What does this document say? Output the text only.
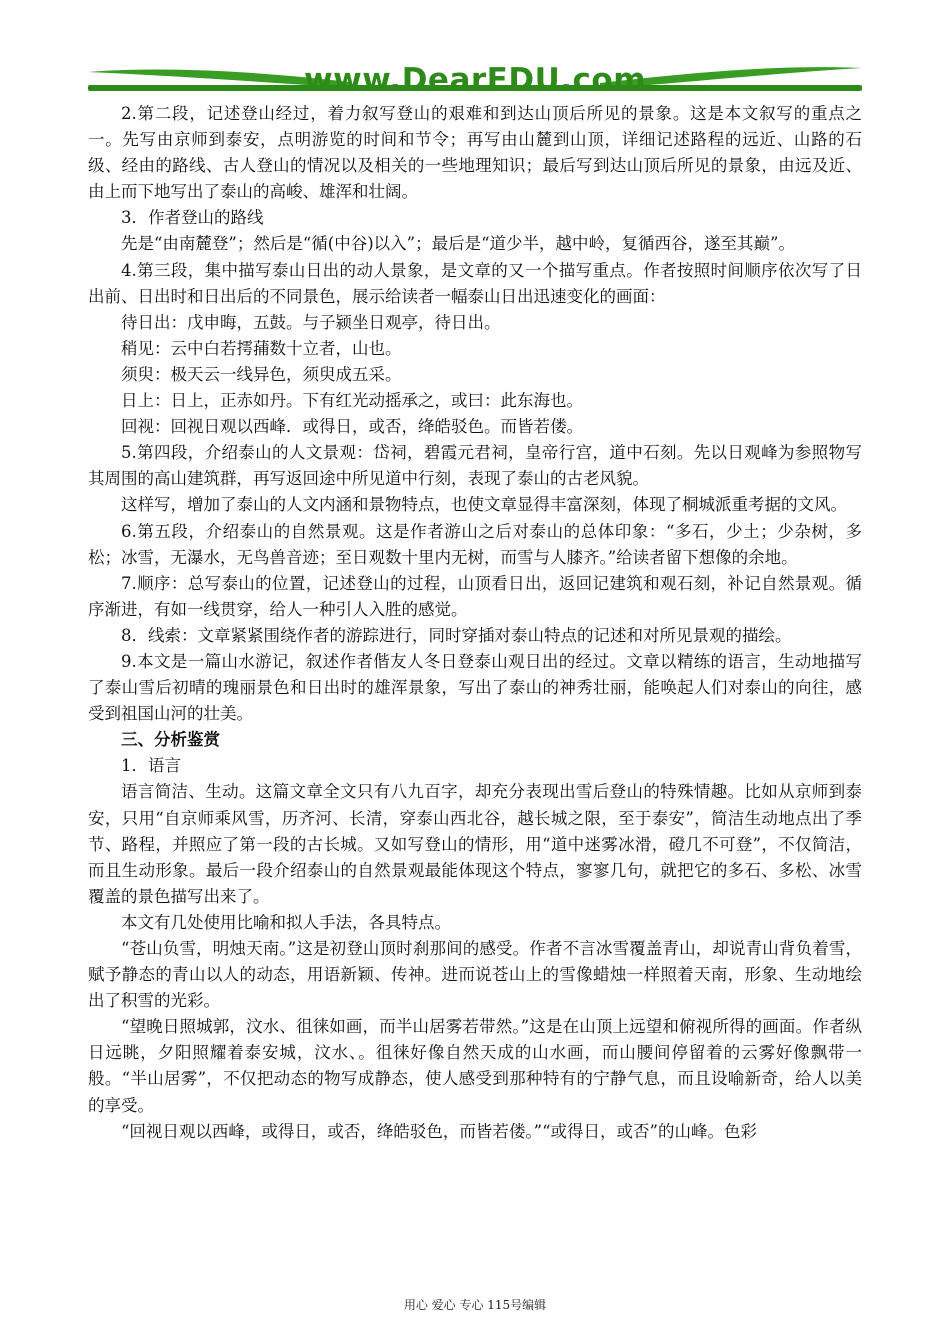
www.DearEDU.com

2.第二段，记述登山经过，着力叙写登山的艰难和到达山顶后所见的景象。这是本文叙写的重点之一。先写由京师到泰安，点明游览的时间和节令；再写由山麓到山顶，详细记述路程的远近、山路的石级、经由的路线、古人登山的情况以及相关的一些地理知识；最后写到达山顶后所见的景象，由远及近、由上而下地写出了泰山的高峻、雄浑和壮阔。

3．作者登山的路线

先是“由南麓登”；然后是“循(中谷)以入”；最后是“道少半，越中岭，复循西谷，遂至其巅”。

4.第三段，集中描写泰山日出的动人景象，是文章的又一个描写重点。作者按照时间顺序依次写了日出前、日出时和日出后的不同景色，展示给读者一幅泰山日出迅速变化的画面：

待日出：戊申晦，五鼓。与子颍坐日观亭，待日出。

稍见：云中白若摴蒱数十立者，山也。

须臾：极天云一线异色，须臾成五采。

日上：日上，正赤如丹。下有红光动摇承之，或曰：此东海也。

回视：回视日观以西峰．或得日，或否，绛皓驳色。而皆若偻。

5.第四段，介绍泰山的人文景观：岱祠，碧霞元君祠，皇帝行宫，道中石刻。先以日观峰为参照物写其周围的高山建筑群，再写返回途中所见道中行刻，表现了泰山的古老风貌。

这样写，增加了泰山的人文内涵和景物特点，也使文章显得丰富深刻，体现了桐城派重考据的文风。

6.第五段，介绍泰山的自然景观。这是作者游山之后对泰山的总体印象：“多石，少土；少杂树，多松；冰雪，无瀑水，无鸟兽音迹；至日观数十里内无树，而雪与人膝齐。”给读者留下想像的余地。

7.顺序：总写泰山的位置，记述登山的过程，山顶看日出，返回记建筑和观石刻，补记自然景观。循序渐进，有如一线贯穿，给人一种引人入胜的感觉。

8．线索：文章紧紧围绕作者的游踪进行，同时穿插对泰山特点的记述和对所见景观的描绘。

9.本文是一篇山水游记，叙述作者偕友人冬日登泰山观日出的经过。文章以精练的语言，生动地描写了泰山雪后初晴的瑰丽景色和日出时的雄浑景象，写出了泰山的神秀壮丽，能唤起人们对泰山的向往，感受到祖国山河的壮美。

三、分析鉴赏

1．语言

语言简洁、生动。这篇文章全文只有八九百字，却充分表现出雪后登山的特殊情趣。比如从京师到泰安，只用“自京师乘风雪，历齐河、长清，穿泰山西北谷，越长城之限，至于泰安”，简洁生动地点出了季节、路程，并照应了第一段的古长城。又如写登山的情形，用“道中迷雾冰滑，磴几不可登”，不仅简洁，而且生动形象。最后一段介绍泰山的自然景观最能体现这个特点，寥寥几句，就把它的多石、多松、冰雪覆盖的景色描写出来了。

本文有几处使用比喻和拟人手法，各具特点。

“苍山负雪，明烛天南。”这是初登山顶时刹那间的感受。作者不言冰雪覆盖青山，却说青山背负着雪，赋予静态的青山以人的动态，用语新颖、传神。进而说苍山上的雪像蜡烛一样照着天南，形象、生动地绘出了积雪的光彩。

“望晚日照城郭，汶水、徂徕如画，而半山居雾若带然。”这是在山顶上远望和俯视所得的画面。作者纵日远眺，夕阳照耀着泰安城，汶水、。徂徕好像自然天成的山水画，而山腰间停留着的云雾好像飘带一般。“半山居雾”，不仅把动态的物写成静态，使人感受到那种特有的宁静气息，而且设喻新奇，给人以美的享受。

“回视日观以西峰，或得日，或否，绛皓驳色，而皆若偻。”“或得日，或否”的山峰。色彩

用心 爱心 专心 115号编辑
